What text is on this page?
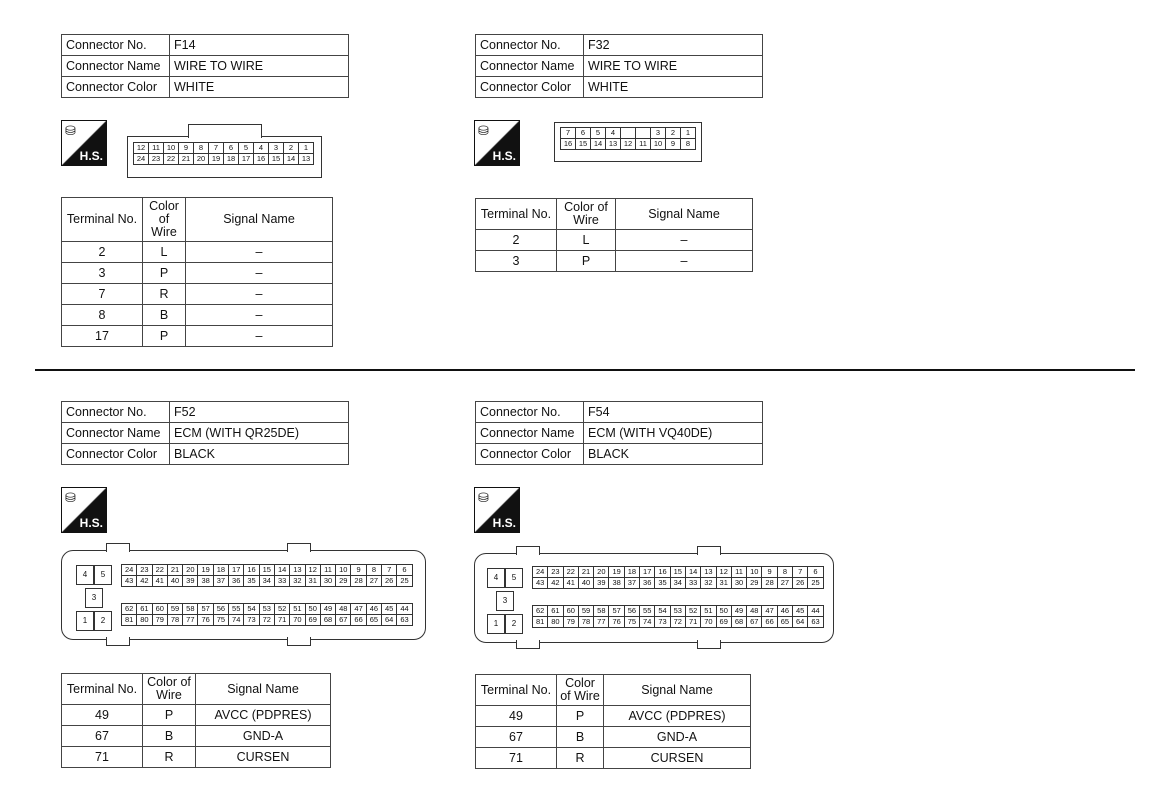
Connector No.	F14
Connector Name	WIRE TO WIRE
Connector Color	WHITE
⛁
H.S.
12 11 10	9	8	7	6	5	4	3	2	1
24 23 22 21 20 19 18 17 16 15 14 13
Terminal No.	Color of Wire	Signal Name
2	L	–
3	P	–
7	R	–
8	B	–
17	P	–
Connector No.	F32
Connector Name	WIRE TO WIRE
Connector Color	WHITE
⛁
H.S.
7	6	5	4	3	2	1
16 15 14 13 12 11 10	9	8
Terminal No.	Color of Wire	Signal Name
2	L	–
3	P	–
Connector No.	F52
Connector Name	ECM (WITH QR25DE)
Connector Color	BLACK
⛁
H.S.
4	5
3
1	2
24 23 22 21 20 19 18 17 16 15 14 13 12 11 10	9	8	7	6
43 42 41 40 39 38 37 36 35 34 33 32 31 30 29 28 27 26 25
62 61 60 59 58 57 56 55 54 53 52 51 50 49 48 47 46 45 44
81 80 79 78 77 76 75 74 73 72 71 70 69 68 67 66 65 64 63
Terminal No.	Color of Wire	Signal Name
49	P	AVCC (PDPRES)
67	B	GND-A
71	R	CURSEN
Connector No.	F54
Connector Name	ECM (WITH VQ40DE)
Connector Color	BLACK
⛁
H.S.
4	5
3
1	2
24 23 22 21 20 19 18 17 16 15 14 13 12 11 10	9	8	7	6
43 42 41 40 39 38 37 36 35 34 33 32 31 30 29 28 27 26 25
62 61 60 59 58 57 56 55 54 53 52 51 50 49 48 47 46 45 44
81 80 79 78 77 76 75 74 73 72 71 70 69 68 67 66 65 64 63
Terminal No.	Color of Wire	Signal Name
49	P	AVCC (PDPRES)
67	B	GND-A
71	R	CURSEN
